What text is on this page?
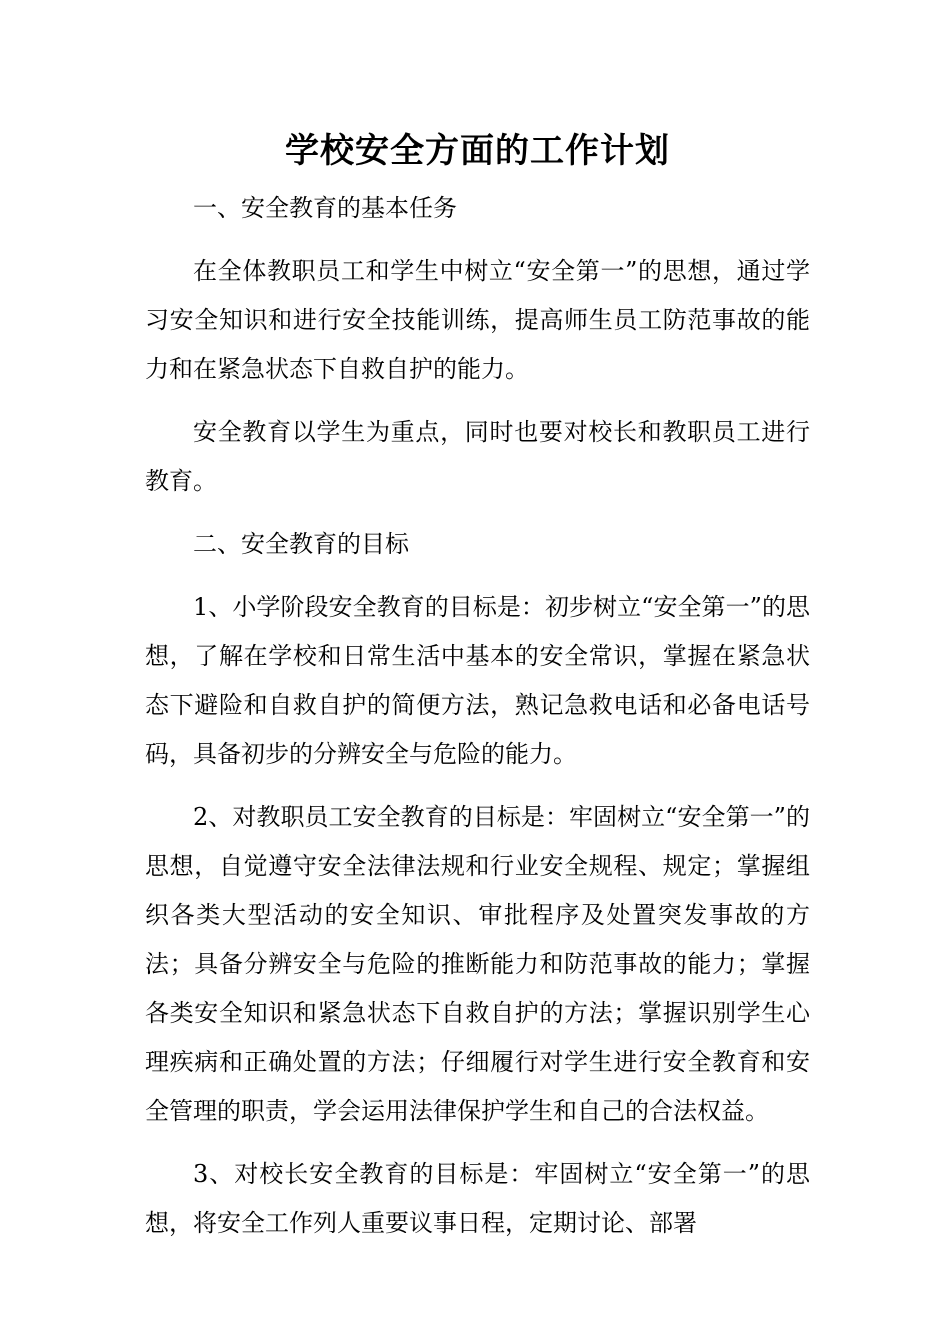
学校安全方面的工作计划

一、安全教育的基本任务

在全体教职员工和学生中树立“安全第一”的思想，通过学习安全知识和进行安全技能训练，提高师生员工防范事故的能力和在紧急状态下自救自护的能力。

安全教育以学生为重点，同时也要对校长和教职员工进行教育。

二、安全教育的目标

1、小学阶段安全教育的目标是：初步树立“安全第一”的思想，了解在学校和日常生活中基本的安全常识，掌握在紧急状态下避险和自救自护的简便方法，熟记急救电话和必备电话号码，具备初步的分辨安全与危险的能力。

2、对教职员工安全教育的目标是：牢固树立“安全第一”的思想，自觉遵守安全法律法规和行业安全规程、规定；掌握组织各类大型活动的安全知识、审批程序及处置突发事故的方法；具备分辨安全与危险的推断能力和防范事故的能力；掌握各类安全知识和紧急状态下自救自护的方法；掌握识别学生心理疾病和正确处置的方法；仔细履行对学生进行安全教育和安全管理的职责，学会运用法律保护学生和自己的合法权益。

3、对校长安全教育的目标是：牢固树立“安全第一”的思想，将安全工作列人重要议事日程，定期讨论、部署
